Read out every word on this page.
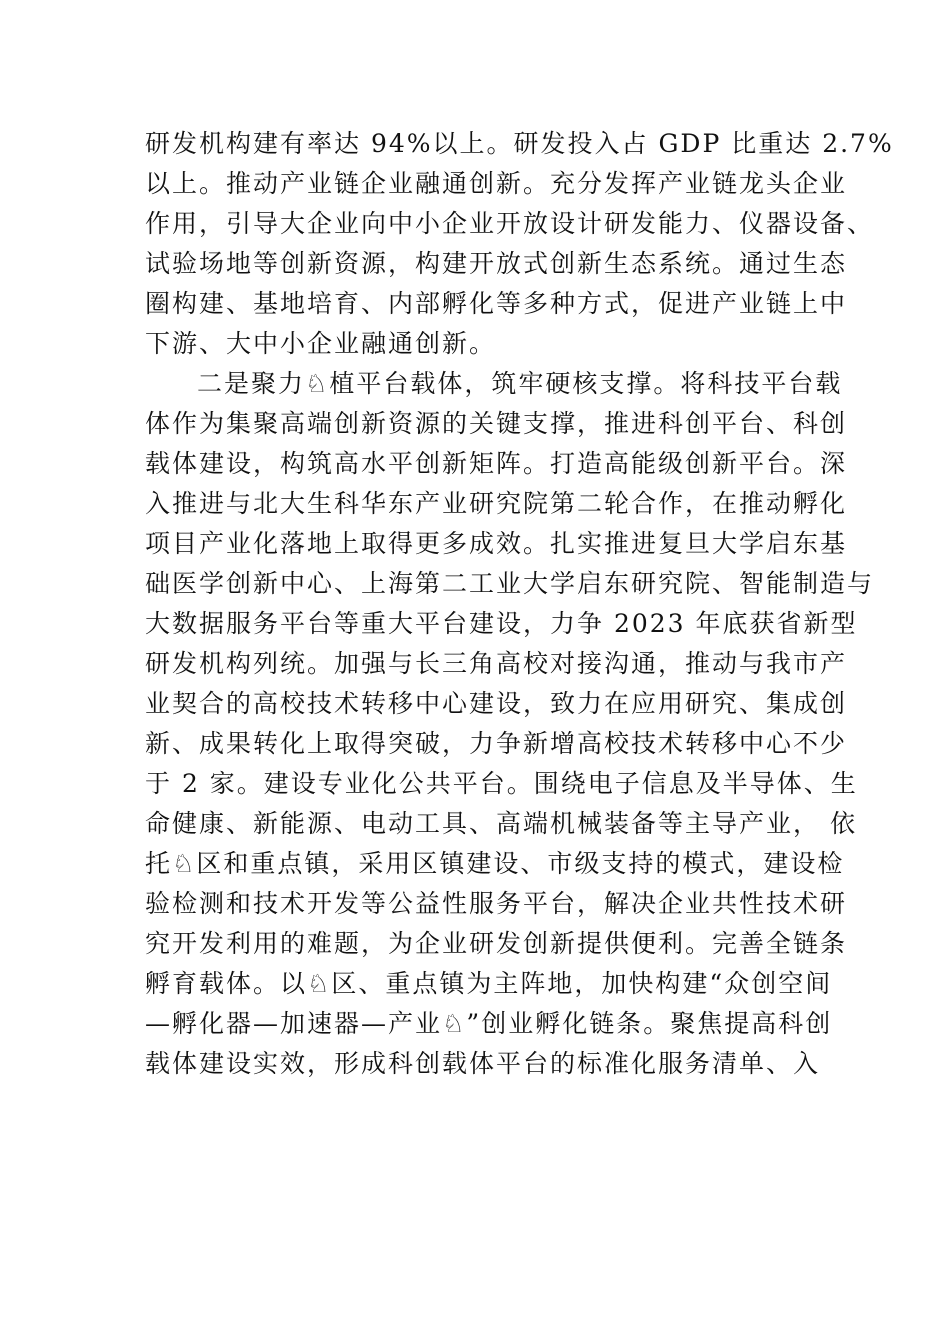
研发机构建有率达 94%以上。研发投入占 GDP 比重达 2.7%
以上。推动产业链企业融通创新。充分发挥产业链龙头企业
作用，引导大企业向中小企业开放设计研发能力、仪器设备、
试验场地等创新资源，构建开放式创新生态系统。通过生态
圈构建、基地培育、内部孵化等多种方式，促进产业链上中
下游、大中小企业融通创新。
二是聚力♘植平台载体，筑牢硬核支撑。将科技平台载
体作为集聚高端创新资源的关键支撑，推进科创平台、科创
载体建设，构筑高水平创新矩阵。打造高能级创新平台。深
入推进与北大生科华东产业研究院第二轮合作，在推动孵化
项目产业化落地上取得更多成效。扎实推进复旦大学启东基
础医学创新中心、上海第二工业大学启东研究院、智能制造与
大数据服务平台等重大平台建设，力争 2023 年底获省新型
研发机构列统。加强与长三角高校对接沟通，推动与我市产
业契合的高校技术转移中心建设，致力在应用研究、集成创
新、成果转化上取得突破，力争新增高校技术转移中心不少
于 2 家。建设专业化公共平台。围绕电子信息及半导体、生
命健康、新能源、电动工具、高端机械装备等主导产业， 依
托♘区和重点镇，采用区镇建设、市级支持的模式，建设检
验检测和技术开发等公益性服务平台，解决企业共性技术研
究开发利用的难题，为企业研发创新提供便利。完善全链条
孵育载体。以♘区、重点镇为主阵地，加快构建“众创空间
—孵化器—加速器—产业♘”创业孵化链条。聚焦提高科创
载体建设实效，形成科创载体平台的标准化服务清单、入
